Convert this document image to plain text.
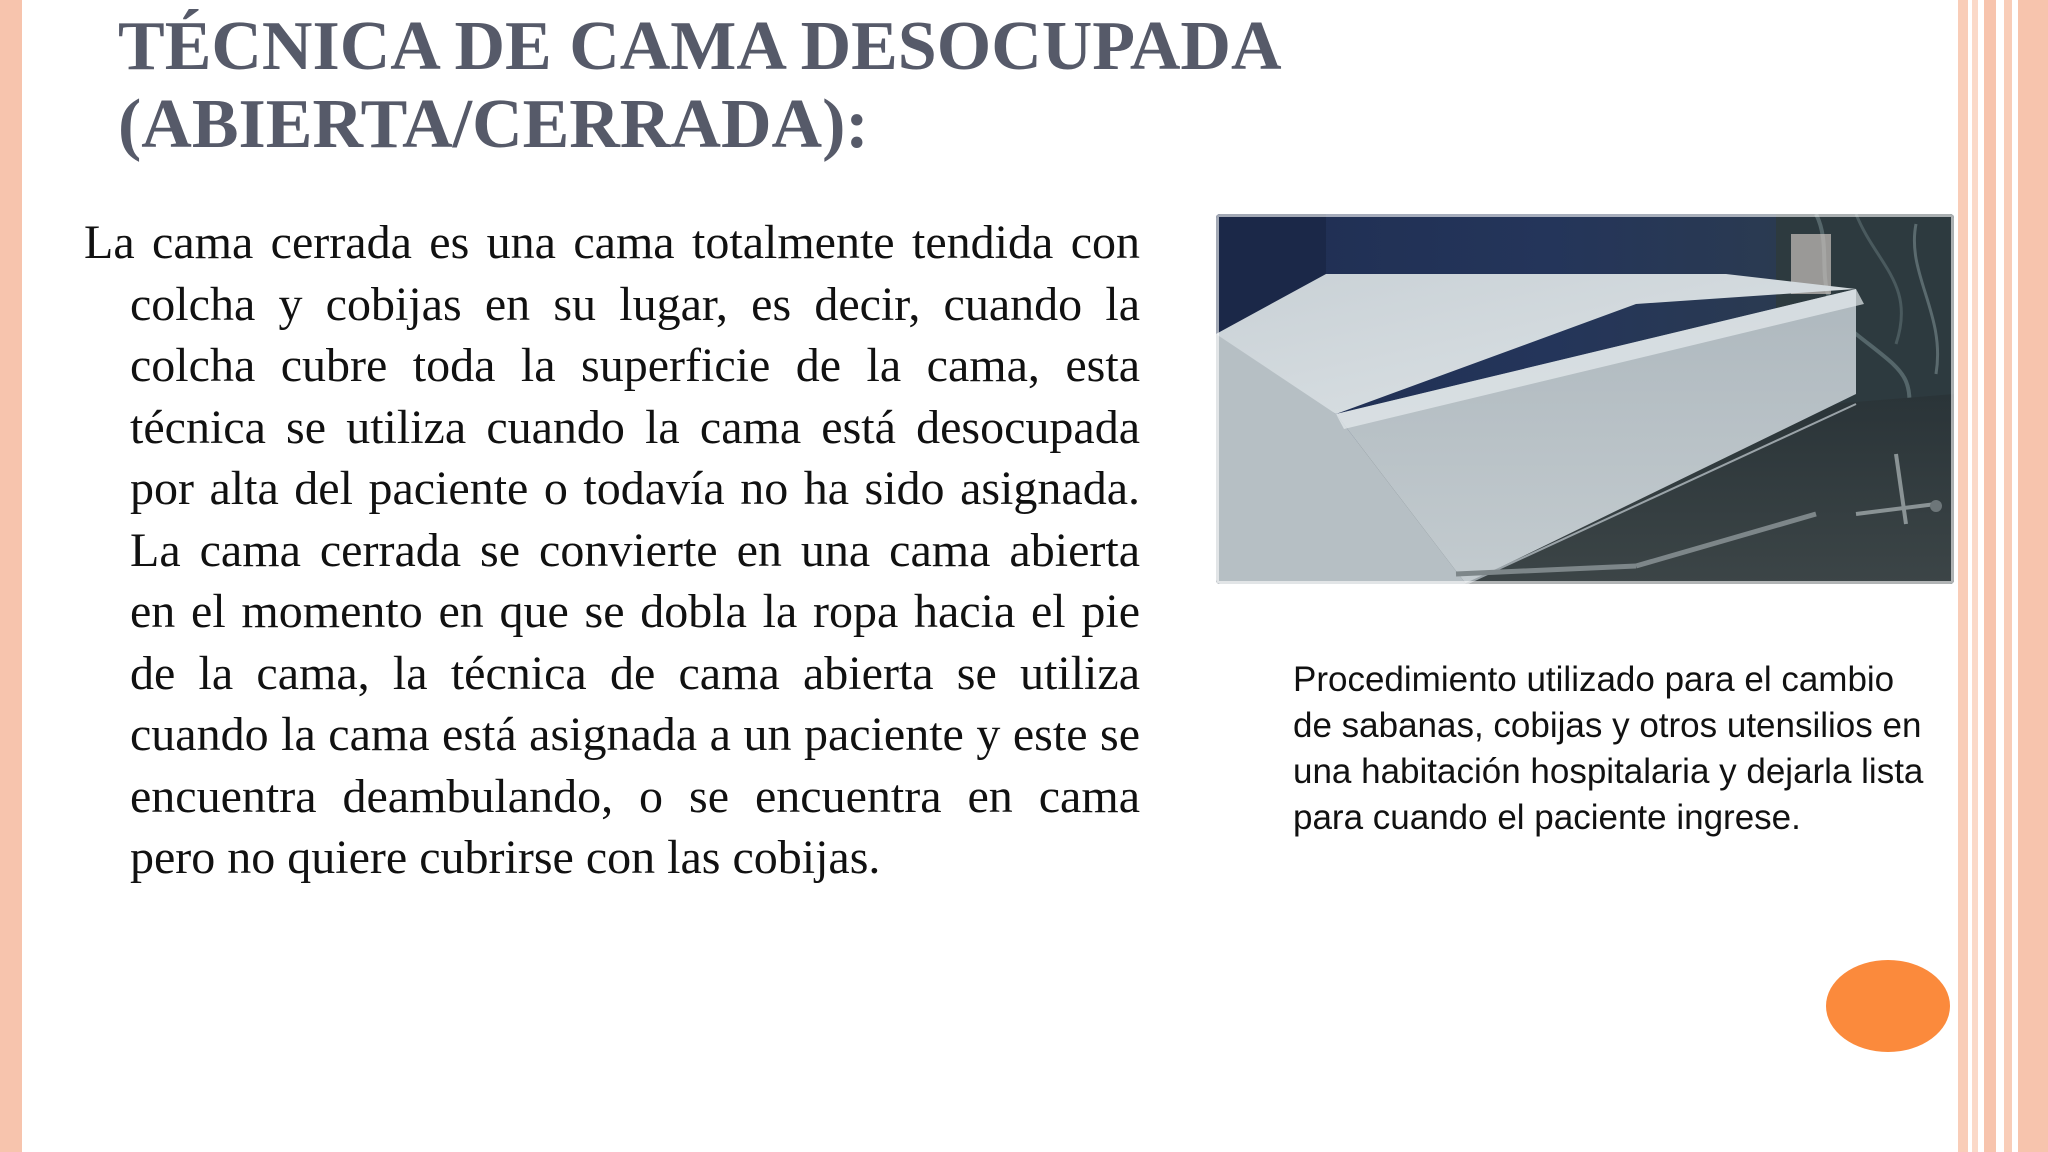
TÉCNICA DE CAMA DESOCUPADA (ABIERTA/CERRADA):

La cama cerrada es una cama totalmente tendida con colcha y cobijas en su lugar, es decir, cuando la colcha cubre toda la superficie de la cama, esta técnica se utiliza cuando la cama está desocupada por alta del paciente o todavía no ha sido asignada. La cama cerrada se convierte en una cama abierta en el momento en que se dobla la ropa hacia el pie de la cama, la técnica de cama abierta se utiliza cuando la cama está asignada a un paciente y este se encuentra deambulando, o se encuentra en cama pero no quiere cubrirse con las cobijas.

Procedimiento utilizado para el cambio de sabanas, cobijas y otros utensilios en una habitación hospitalaria y dejarla lista para cuando el paciente ingrese.
